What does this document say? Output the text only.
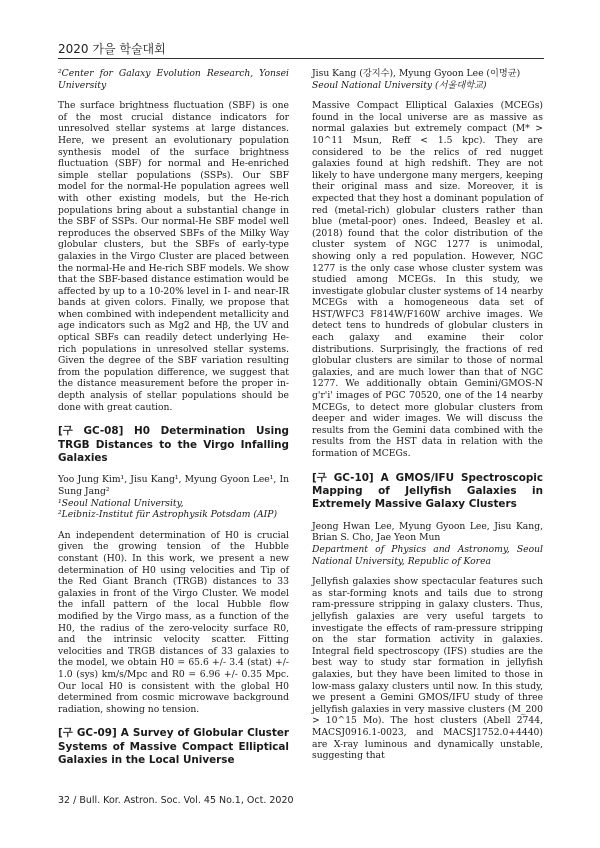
2020 가을 학술대회

²Center for Galaxy Evolution Research, Yonsei University

The surface brightness fluctuation (SBF) is one of the most crucial distance indicators for unresolved stellar systems at large distances. Here, we present an evolutionary population synthesis model of the surface brightness fluctuation (SBF) for normal and He-enriched simple stellar populations (SSPs). Our SBF model for the normal-He population agrees well with other existing models, but the He-rich populations bring about a substantial change in the SBF of SSPs. Our normal-He SBF model well reproduces the observed SBFs of the Milky Way globular clusters, but the SBFs of early-type galaxies in the Virgo Cluster are placed between the normal-He and He-rich SBF models. We show that the SBF-based distance estimation would be affected by up to a 10-20% level in I- and near-IR bands at given colors. Finally, we propose that when combined with independent metallicity and age indicators such as Mg2 and Hβ, the UV and optical SBFs can readily detect underlying He-rich populations in unresolved stellar systems. Given the degree of the SBF variation resulting from the population difference, we suggest that the distance measurement before the proper in-depth analysis of stellar populations should be done with great caution.

[구 GC-08] H0 Determination Using TRGB Distances to the Virgo Infalling Galaxies

Yoo Jung Kim¹, Jisu Kang¹, Myung Gyoon Lee¹, In Sung Jang²

¹Seoul National University,

²Leibniz-Institut für Astrophysik Potsdam (AIP)

An independent determination of H0 is crucial given the growing tension of the Hubble constant (H0). In this work, we present a new determination of H0 using velocities and Tip of the Red Giant Branch (TRGB) distances to 33 galaxies in front of the Virgo Cluster. We model the infall pattern of the local Hubble flow modified by the Virgo mass, as a function of the H0, the radius of the zero-velocity surface R0, and the intrinsic velocity scatter. Fitting velocities and TRGB distances of 33 galaxies to the model, we obtain H0 = 65.6 +/- 3.4 (stat) +/- 1.0 (sys) km/s/Mpc and R0 = 6.96 +/- 0.35 Mpc. Our local H0 is consistent with the global H0 determined from cosmic microwave background radiation, showing no tension.

[구 GC-09] A Survey of Globular Cluster Systems of Massive Compact Elliptical Galaxies in the Local Universe

Jisu Kang (강지수), Myung Gyoon Lee (이명균)

Seoul National University (서울대학교)

Massive Compact Elliptical Galaxies (MCEGs) found in the local universe are as massive as normal galaxies but extremely compact (M* > 10^11 Msun, Reff < 1.5 kpc). They are considered to be the relics of red nugget galaxies found at high redshift. They are not likely to have undergone many mergers, keeping their original mass and size. Moreover, it is expected that they host a dominant population of red (metal-rich) globular clusters rather than blue (metal-poor) ones. Indeed, Beasley et al. (2018) found that the color distribution of the cluster system of NGC 1277 is unimodal, showing only a red population. However, NGC 1277 is the only case whose cluster system was studied among MCEGs. In this study, we investigate globular cluster systems of 14 nearby MCEGs with a homogeneous data set of HST/WFC3 F814W/F160W archive images. We detect tens to hundreds of globular clusters in each galaxy and examine their color distributions. Surprisingly, the fractions of red globular clusters are similar to those of normal galaxies, and are much lower than that of NGC 1277. We additionally obtain Gemini/GMOS-N g'r'i' images of PGC 70520, one of the 14 nearby MCEGs, to detect more globular clusters from deeper and wider images. We will discuss the results from the Gemini data combined with the results from the HST data in relation with the formation of MCEGs.

[구 GC-10] A GMOS/IFU Spectroscopic Mapping of Jellyfish Galaxies in Extremely Massive Galaxy Clusters

Jeong Hwan Lee, Myung Gyoon Lee, Jisu Kang, Brian S. Cho, Jae Yeon Mun

Department of Physics and Astronomy, Seoul National University, Republic of Korea

Jellyfish galaxies show spectacular features such as star-forming knots and tails due to strong ram-pressure stripping in galaxy clusters. Thus, jellyfish galaxies are very useful targets to investigate the effects of ram-pressure stripping on the star formation activity in galaxies. Integral field spectroscopy (IFS) studies are the best way to study star formation in jellyfish galaxies, but they have been limited to those in low-mass galaxy clusters until now. In this study, we present a Gemini GMOS/IFU study of three jellyfish galaxies in very massive clusters (M_200 > 10^15 Mo). The host clusters (Abell 2744, MACSJ0916.1-0023, and MACSJ1752.0+4440) are X-ray luminous and dynamically unstable, suggesting that

32 / Bull. Kor. Astron. Soc. Vol. 45 No.1, Oct. 2020
